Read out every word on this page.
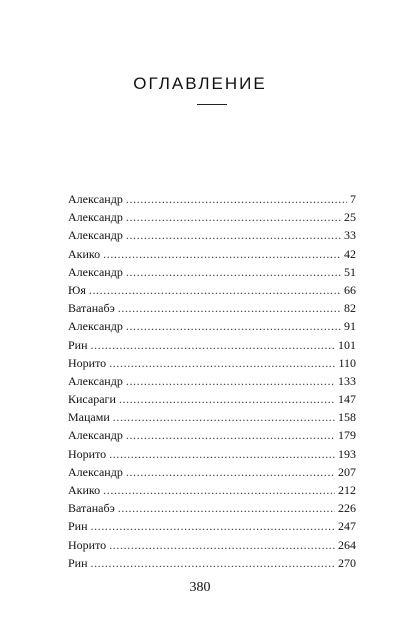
ОГЛАВЛЕНИЕ
Александр . . .	7
Александр . . .	25
Александр . . .	33
Акико . . .	42
Александр . . .	51
Юя . . .	66
Ватанабэ . . .	82
Александр . . .	91
Рин . . .	101
Норито . . .	110
Александр . . .	133
Кисараги . . .	147
Мацами . . .	158
Александр . . .	179
Норито . . .	193
Александр . . .	207
Акико . . .	212
Ватанабэ . . .	226
Рин . . .	247
Норито . . .	264
Рин . . .	270
380
